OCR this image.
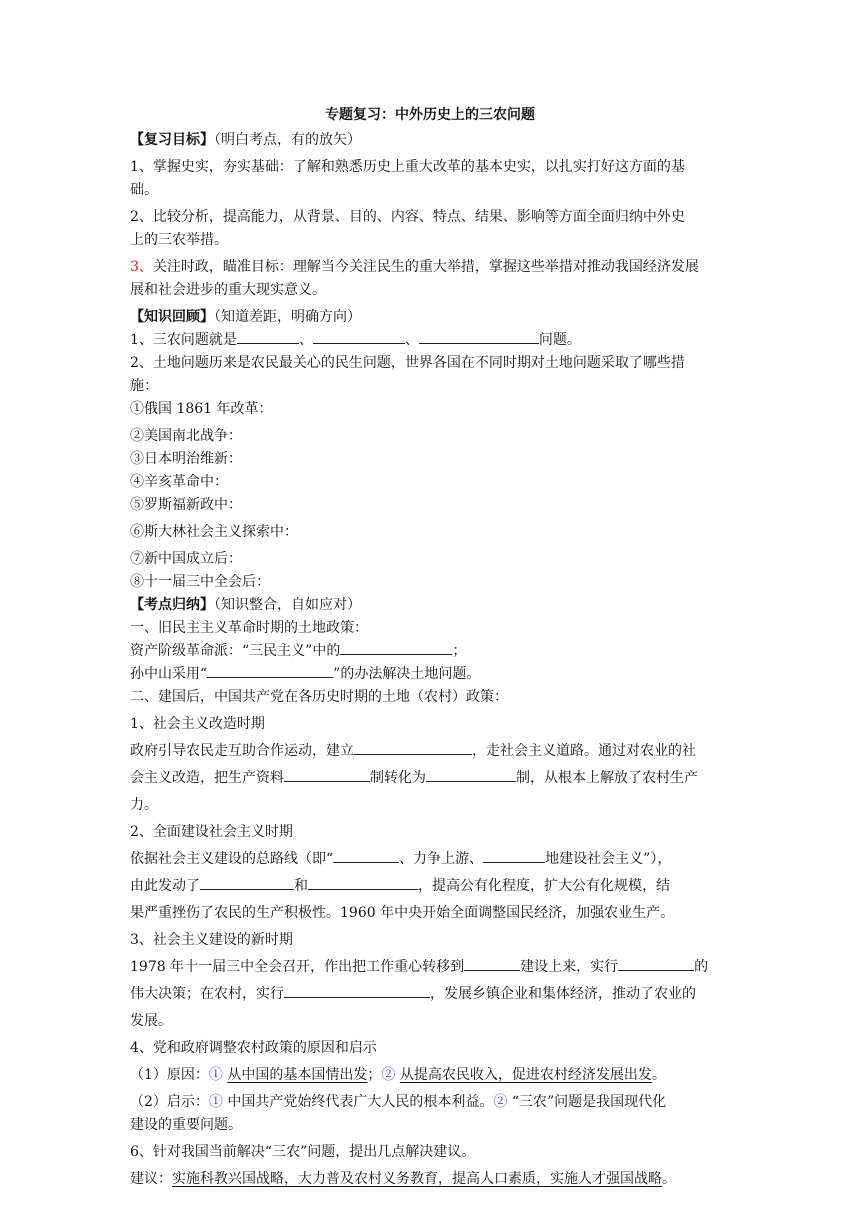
专题复习：中外历史上的三农问题
【复习目标】（明白考点，有的放矢）
1、掌握史实，夯实基础：了解和熟悉历史上重大改革的基本史实，以扎实打好这方面的基
础。
2、比较分析，提高能力，从背景、目的、内容、特点、结果、影响等方面全面归纳中外史
上的三农举措。
3、关注时政，瞄准目标：理解当今关注民生的重大举措，掌握这些举措对推动我国经济发展
展和社会进步的重大现实意义。
【知识回顾】（知道差距，明确方向）
1、三农问题就是	、	、	问题。
2、土地问题历来是农民最关心的民生问题，世界各国在不同时期对土地问题采取了哪些措
施：
①俄国 1861 年改革：
②美国南北战争：
③日本明治维新：
④辛亥革命中：
⑤罗斯福新政中：
⑥斯大林社会主义探索中：
⑦新中国成立后：
⑧十一届三中全会后：
【考点归纳】（知识整合，自如应对）
一、旧民主主义革命时期的土地政策：
资产阶级革命派：“三民主义”中的	；
孙中山采用“	”的办法解决土地问题。
二、建国后，中国共产党在各历史时期的土地（农村）政策：
1、社会主义改造时期
政府引导农民走互助合作运动，建立	，走社会主义道路。通过对农业的社
会主义改造，把生产资料	制转化为	制，从根本上解放了农村生产
力。
2、全面建设社会主义时期
依据社会主义建设的总路线（即“	、力争上游、	地建设社会主义”），
由此发动了	和	，提高公有化程度，扩大公有化规模，结
果严重挫伤了农民的生产积极性。1960 年中央开始全面调整国民经济，加强农业生产。
3、社会主义建设的新时期
1978 年十一届三中全会召开，作出把工作重心转移到	建设上来，实行	的
伟大决策；在农村，实行	，发展乡镇企业和集体经济，推动了农业的
发展。
4、党和政府调整农村政策的原因和启示
（1）原因：① 从中国的基本国情出发；② 从提高农民收入，促进农村经济发展出发。
（2）启示：① 中国共产党始终代表广大人民的根本利益。② “三农”问题是我国现代化
建设的重要问题。
6、针对我国当前解决“三农”问题，提出几点解决建议。
建议：实施科教兴国战略，大力普及农村义务教育，提高人口素质，实施人才强国战略。
